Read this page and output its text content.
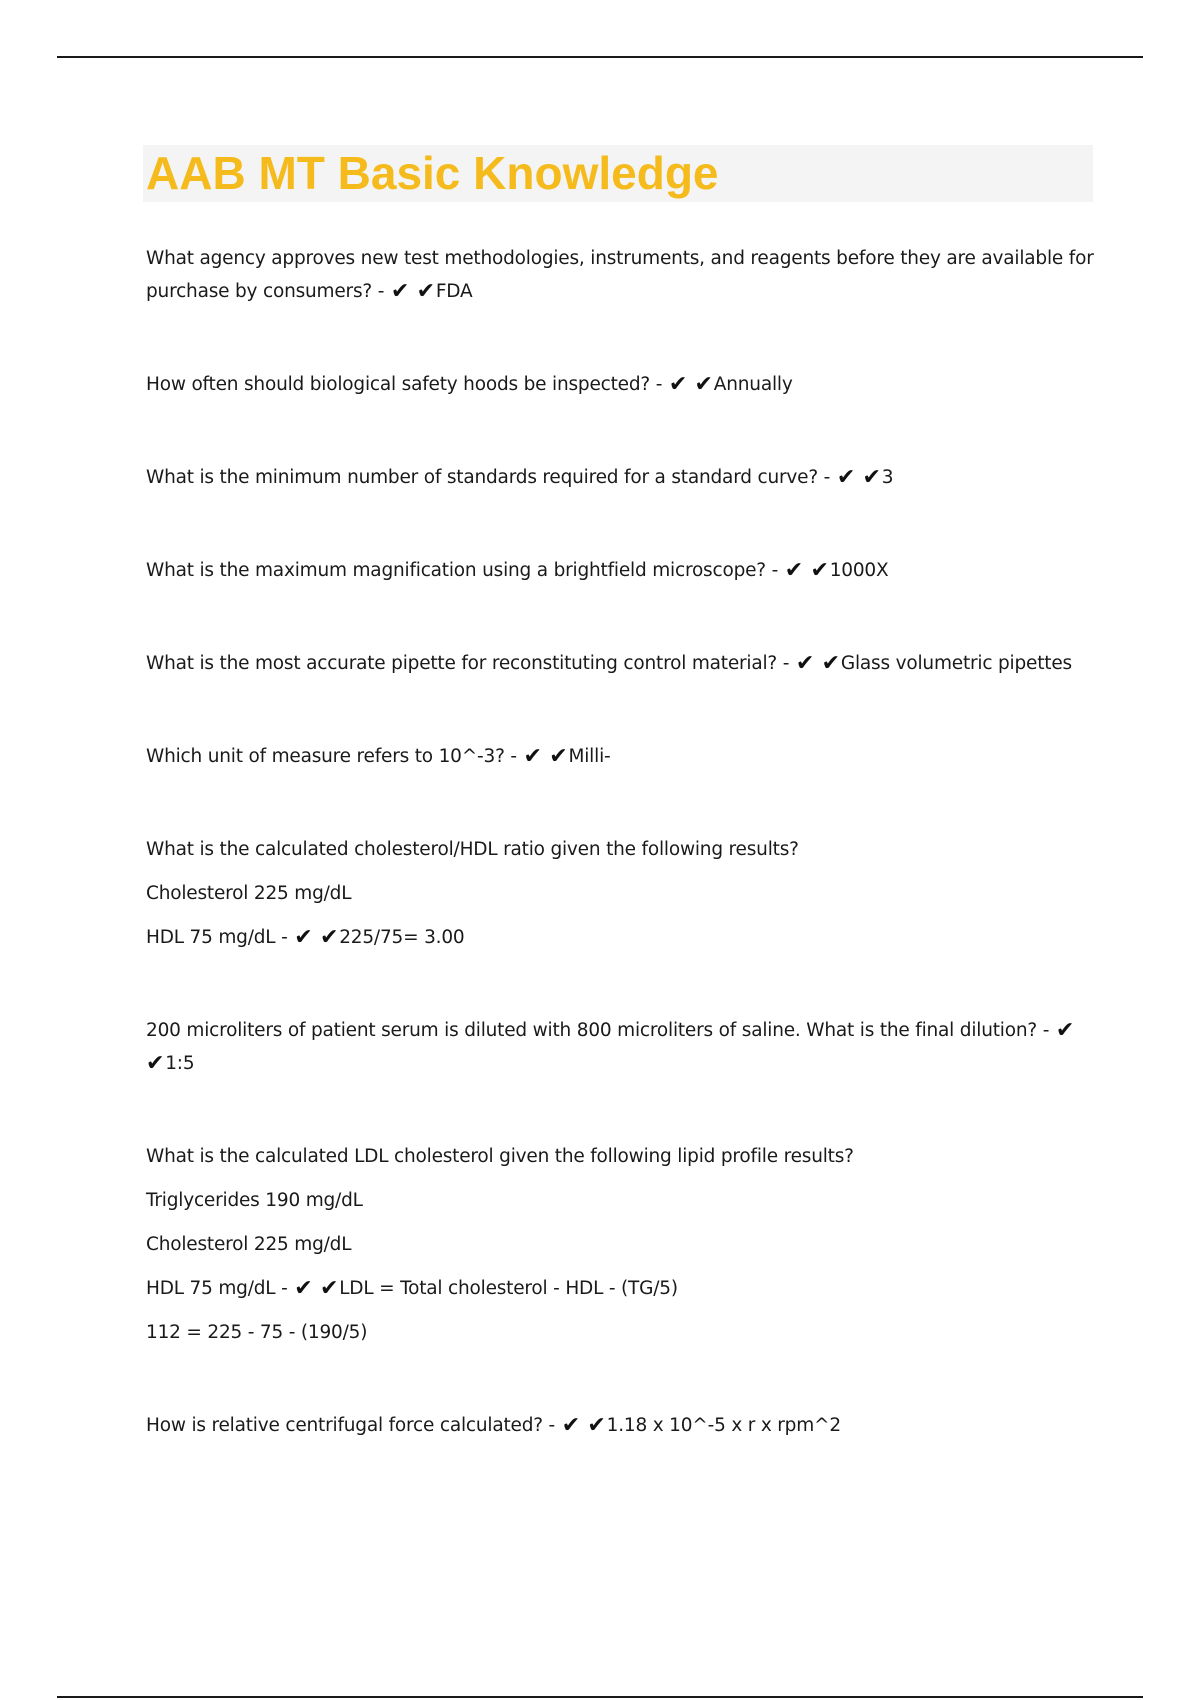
AAB MT Basic Knowledge

What agency approves new test methodologies, instruments, and reagents before they are available for purchase by consumers? - ✔ ✔FDA

How often should biological safety hoods be inspected? - ✔ ✔Annually

What is the minimum number of standards required for a standard curve? - ✔ ✔3

What is the maximum magnification using a brightfield microscope? - ✔ ✔1000X

What is the most accurate pipette for reconstituting control material? - ✔ ✔Glass volumetric pipettes

Which unit of measure refers to 10^-3? - ✔ ✔Milli-

What is the calculated cholesterol/HDL ratio given the following results?

Cholesterol 225 mg/dL

HDL 75 mg/dL - ✔ ✔225/75= 3.00

200 microliters of patient serum is diluted with 800 microliters of saline. What is the final dilution? - ✔ ✔1:5

What is the calculated LDL cholesterol given the following lipid profile results?

Triglycerides 190 mg/dL

Cholesterol 225 mg/dL

HDL 75 mg/dL - ✔ ✔LDL = Total cholesterol - HDL - (TG/5)

112 = 225 - 75 - (190/5)

How is relative centrifugal force calculated? - ✔ ✔1.18 x 10^-5 x r x rpm^2
